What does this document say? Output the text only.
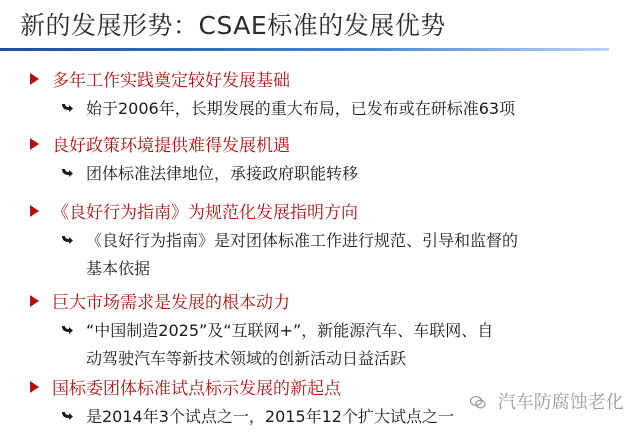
新的发展形势：CSAE标准的发展优势
多年工作实践奠定较好发展基础
始于2006年，长期发展的重大布局，已发布或在研标准63项
良好政策环境提供难得发展机遇
团体标准法律地位，承接政府职能转移
《良好行为指南》为规范化发展指明方向
《良好行为指南》是对团体标准工作进行规范、引导和监督的
基本依据
巨大市场需求是发展的根本动力
“中国制造2025”及“互联网+”，新能源汽车、车联网、自
动驾驶汽车等新技术领域的创新活动日益活跃
国标委团体标准试点标示发展的新起点
是2014年3个试点之一，2015年12个扩大试点之一
汽车防腐蚀老化
